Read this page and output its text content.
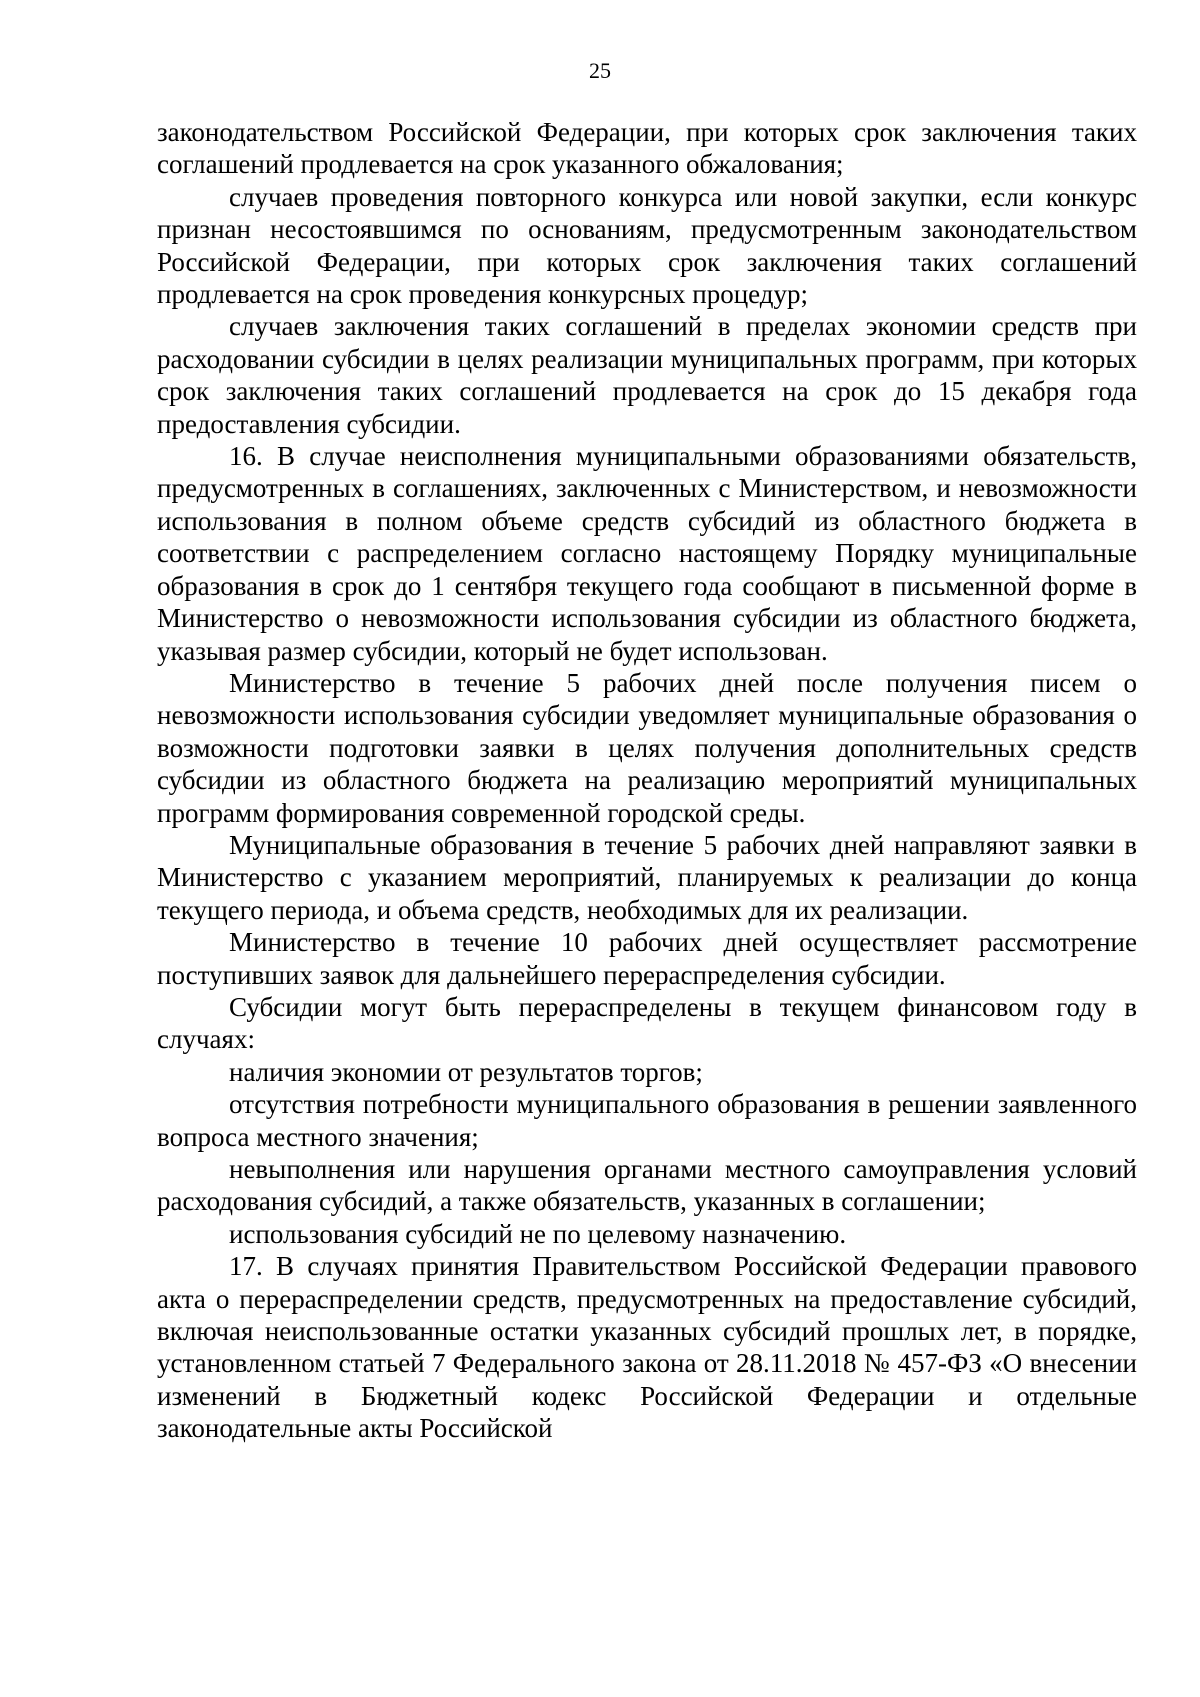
25

законодательством Российской Федерации, при которых срок заключения таких соглашений продлевается на срок указанного обжалования;

случаев проведения повторного конкурса или новой закупки, если конкурс признан несостоявшимся по основаниям, предусмотренным законодательством Российской Федерации, при которых срок заключения таких соглашений продлевается на срок проведения конкурсных процедур;

случаев заключения таких соглашений в пределах экономии средств при расходовании субсидии в целях реализации муниципальных программ, при которых срок заключения таких соглашений продлевается на срок до 15 декабря года предоставления субсидии.

16. В случае неисполнения муниципальными образованиями обязательств, предусмотренных в соглашениях, заключенных с Министерством, и невозможности использования в полном объеме средств субсидий из областного бюджета в соответствии с распределением согласно настоящему Порядку муниципальные образования в срок до 1 сентября текущего года сообщают в письменной форме в Министерство о невозможности использования субсидии из областного бюджета, указывая размер субсидии, который не будет использован.

Министерство в течение 5 рабочих дней после получения писем о невозможности использования субсидии уведомляет муниципальные образования о возможности подготовки заявки в целях получения дополнительных средств субсидии из областного бюджета на реализацию мероприятий муниципальных программ формирования современной городской среды.

Муниципальные образования в течение 5 рабочих дней направляют заявки в Министерство с указанием мероприятий, планируемых к реализации до конца текущего периода, и объема средств, необходимых для их реализации.

Министерство в течение 10 рабочих дней осуществляет рассмотрение поступивших заявок для дальнейшего перераспределения субсидии.

Субсидии могут быть перераспределены в текущем финансовом году в случаях:

наличия экономии от результатов торгов;

отсутствия потребности муниципального образования в решении заявленного вопроса местного значения;

невыполнения или нарушения органами местного самоуправления условий расходования субсидий, а также обязательств, указанных в соглашении;

использования субсидий не по целевому назначению.

17. В случаях принятия Правительством Российской Федерации правового акта о перераспределении средств, предусмотренных на предоставление субсидий, включая неиспользованные остатки указанных субсидий прошлых лет, в порядке, установленном статьей 7 Федерального закона от 28.11.2018 № 457-ФЗ «О внесении изменений в Бюджетный кодекс Российской Федерации и отдельные законодательные акты Российской
